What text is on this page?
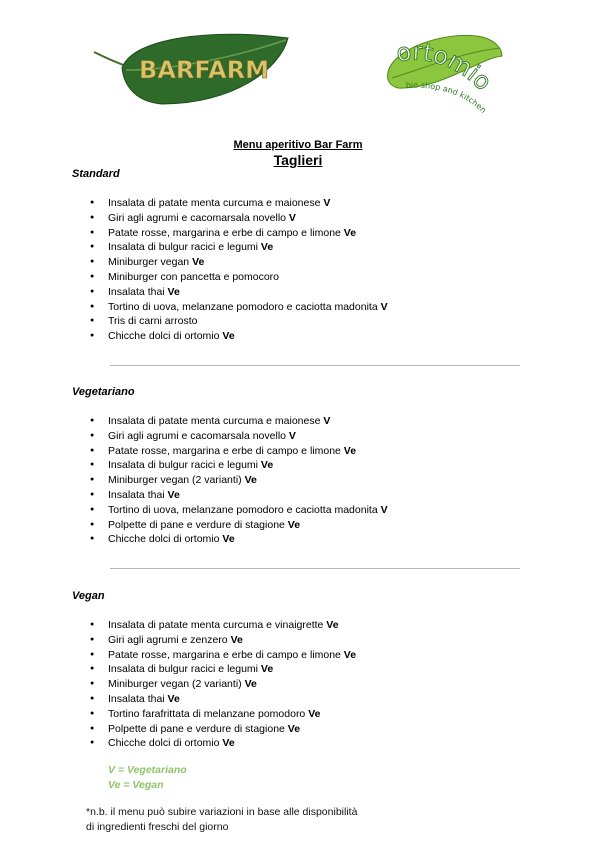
BARFARM
ortomio
bio shop and kitchen
Menu aperitivo Bar Farm
Taglieri
Standard
● Insalata di patate menta curcuma e maionese V
● Giri agli agrumi e cacomarsala novello V
● Patate rosse, margarina e erbe di campo e limone Ve
● Insalata di bulgur racici e legumi Ve
● Miniburger vegan Ve
● Miniburger con pancetta e pomocoro
● Insalata thai Ve
● Tortino di uova, melanzane pomodoro e caciotta madonita V
● Tris di carni arrosto
● Chicche dolci di ortomio Ve
Vegetariano
● Insalata di patate menta curcuma e maionese V
● Giri agli agrumi e cacomarsala novello V
● Patate rosse, margarina e erbe di campo e limone Ve
● Insalata di bulgur racici e legumi Ve
● Miniburger vegan (2 varianti) Ve
● Insalata thai Ve
● Tortino di uova, melanzane pomodoro e caciotta madonita V
● Polpette di pane e verdure di stagione Ve
● Chicche dolci di ortomio Ve
Vegan
● Insalata di patate menta curcuma e vinaigrette Ve
● Giri agli agrumi e zenzero Ve
● Patate rosse, margarina e erbe di campo e limone Ve
● Insalata di bulgur racici e legumi Ve
● Miniburger vegan (2 varianti) Ve
● Insalata thai Ve
● Tortino farafrittata di melanzane pomodoro Ve
● Polpette di pane e verdure di stagione Ve
● Chicche dolci di ortomio Ve
V = Vegetariano
Ve = Vegan
*n.b. il menu può subire variazioni in base alle disponibilità
di ingredienti freschi del giorno
